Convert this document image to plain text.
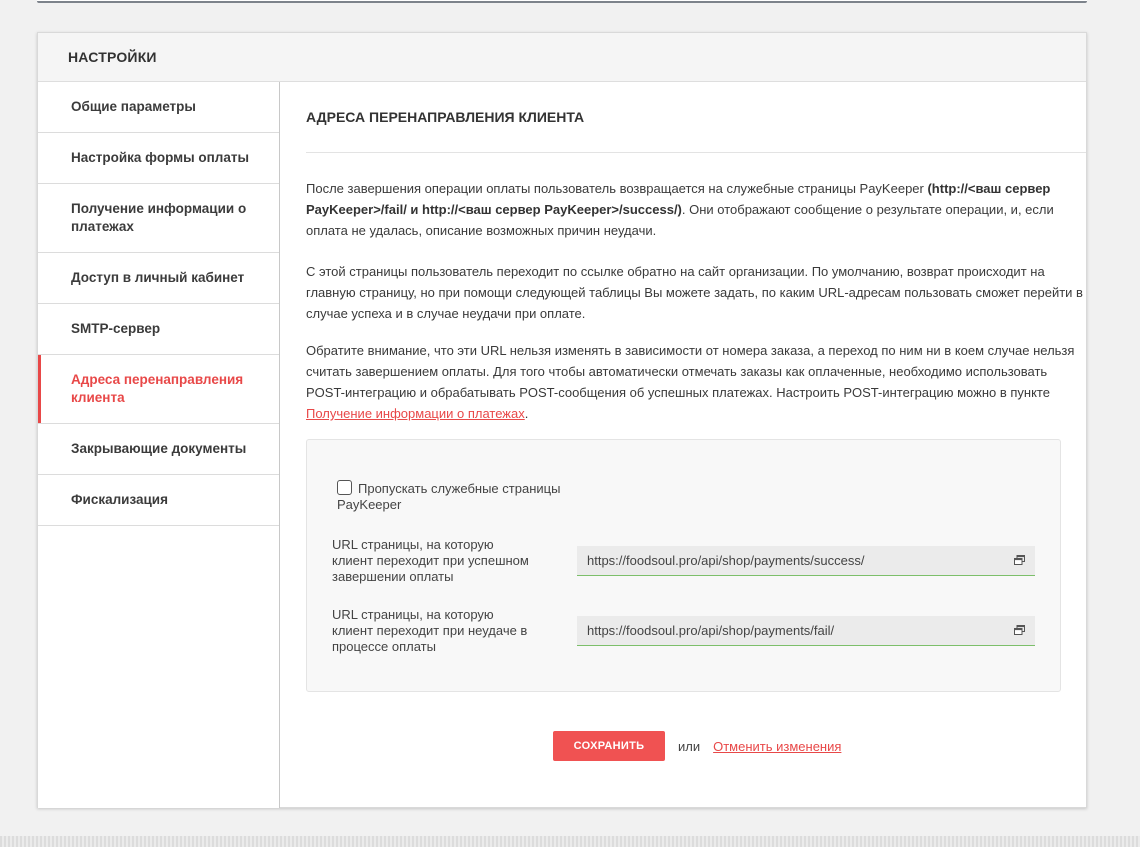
НАСТРОЙКИ
Общие параметры
Настройка формы оплаты
Получение информации о платежах
Доступ в личный кабинет
SMTP-сервер
Адреса перенаправления клиента
Закрывающие документы
Фискализация
АДРЕСА ПЕРЕНАПРАВЛЕНИЯ КЛИЕНТА

После завершения операции оплаты пользователь возвращается на служебные страницы PayKeeper (http://<ваш сервер PayKeeper>/fail/ и http://<ваш сервер PayKeeper>/success/). Они отображают сообщение о результате операции, и, если оплата не удалась, описание возможных причин неудачи.

С этой страницы пользователь переходит по ссылке обратно на сайт организации. По умолчанию, возврат происходит на главную страницу, но при помощи следующей таблицы Вы можете задать, по каким URL-адресам пользовать сможет перейти в случае успеха и в случае неудачи при оплате.

Обратите внимание, что эти URL нельзя изменять в зависимости от номера заказа, а переход по ним ни в коем случае нельзя считать завершением оплаты. Для того чтобы автоматически отмечать заказы как оплаченные, необходимо использовать POST-интеграцию и обрабатывать POST-сообщения об успешных платежах. Настроить POST-интеграцию можно в пункте Получение информации о платежах.

Пропускать служебные страницы PayKeeper
URL страницы, на которую клиент переходит при успешном завершении оплаты
https://foodsoul.pro/api/shop/payments/success/
URL страницы, на которую клиент переходит при неудаче в процессе оплаты
https://foodsoul.pro/api/shop/payments/fail/
СОХРАНИТЬ	или Отменить изменения
